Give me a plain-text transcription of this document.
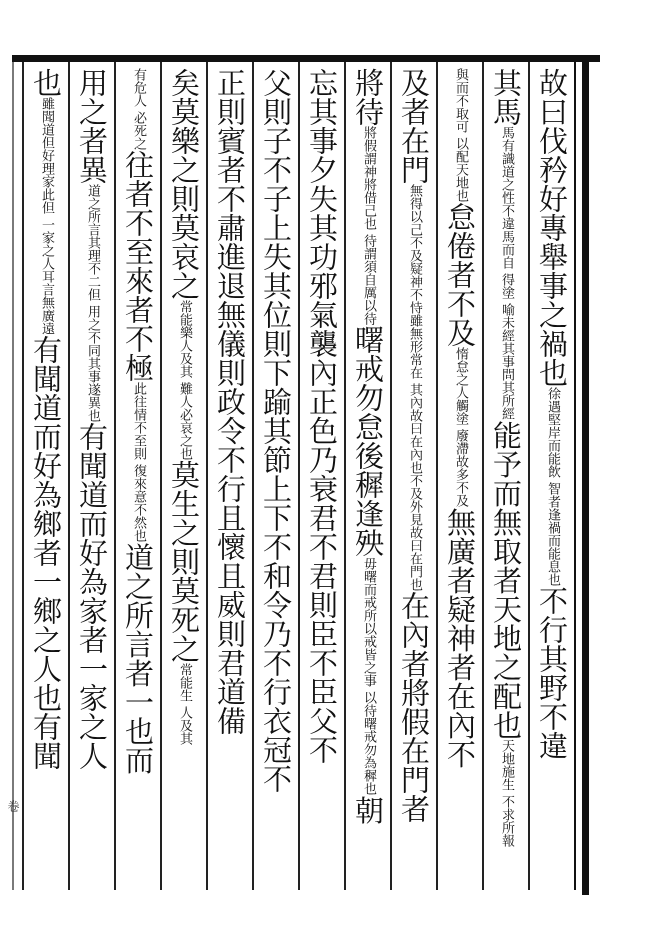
故曰伐矜好專舉事之禍也徐遇堅岸而能飲 智者逢禍而能息也不行其野不違
其馬馬有識道之性不違馬而自 得塗 喻未經其事問其所經能予而無取者天地之配也天地施生 不求所報
與而不取可 以配天地也怠倦者不及惰怠之人觸塗 廢滯故多不及無廣者疑神者在內不
及者在門無得以己不及疑神不恃雖無形常在 其內故曰在內也不及外見故曰在門也在內者將假在門者
將待將假謂神將借己也 待謂須自厲以待曙戒勿怠後穉逢殃毋曙而戒所以戒皆之事 以待曙戒勿為穉也朝
忘其事夕失其功邪氣襲內正色乃衰君不君則臣不臣父不
父則子不子上失其位則下踰其節上下不和令乃不行衣冠不
正則賓者不肅進退無儀則政令不行且懷且威則君道備
矣莫樂之則莫哀之常能樂人及其 難人必哀之也莫生之則莫死之常能生 人及其
有危人 必死之往者不至來者不極此往情不至則 復來意不然也道之所言者一也而
用之者異道之所言其理不二但 用之不同其事遂異也有聞道而好為家者一家之人
也雖聞道但好理家此但 一家之人耳言無廣遠有聞道而好為鄉者一鄉之人也有聞
卷
